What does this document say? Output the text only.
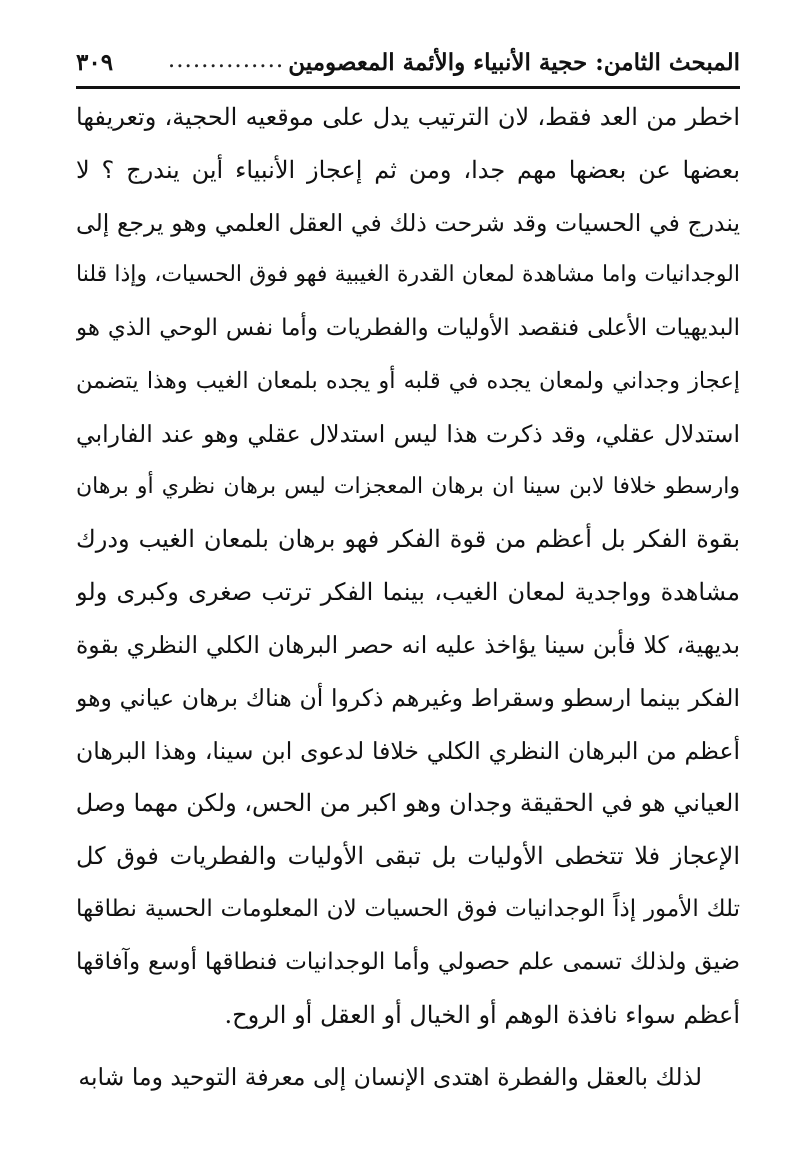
المبحث الثامن: حجية الأنبياء والأئمة المعصومين
..............
٣٠٩
اخطر من العد فقط، لان الترتيب يدل على موقعيه الحجية، وتعريفها
بعضها عن بعضها مهم جدا، ومن ثم إعجاز الأنبياء أين يندرج ؟ لا
يندرج في الحسيات وقد شرحت ذلك في العقل العلمي وهو يرجع إلى
الوجدانيات واما مشاهدة لمعان القدرة الغيبية فهو فوق الحسيات، وإذا قلنا
البديهيات الأعلى فنقصد الأوليات والفطريات وأما نفس الوحي الذي هو
إعجاز وجداني ولمعان يجده في قلبه أو يجده بلمعان الغيب وهذا يتضمن
استدلال عقلي، وقد ذكرت هذا ليس استدلال عقلي وهو عند الفارابي
وارسطو خلافا لابن سينا ان برهان المعجزات ليس برهان نظري أو برهان
بقوة الفكر بل أعظم من قوة الفكر فهو برهان بلمعان الغيب ودرك
مشاهدة وواجدية لمعان الغيب، بينما الفكر ترتب صغرى وكبرى ولو
بديهية، كلا فأبن سينا يؤاخذ عليه انه حصر البرهان الكلي النظري بقوة
الفكر بينما ارسطو وسقراط وغيرهم ذكروا أن هناك برهان عياني وهو
أعظم من البرهان النظري الكلي خلافا لدعوى ابن سينا، وهذا البرهان
العياني هو في الحقيقة وجدان وهو اكبر من الحس، ولكن مهما وصل
الإعجاز فلا تتخطى الأوليات بل تبقى الأوليات والفطريات فوق كل
تلك الأمور إذاً الوجدانيات فوق الحسيات لان المعلومات الحسية نطاقها
ضيق ولذلك تسمى علم حصولي وأما الوجدانيات فنطاقها أوسع وآفاقها
أعظم سواء نافذة الوهم أو الخيال أو العقل أو الروح.
لذلك بالعقل والفطرة اهتدى الإنسان إلى معرفة التوحيد وما شابه
